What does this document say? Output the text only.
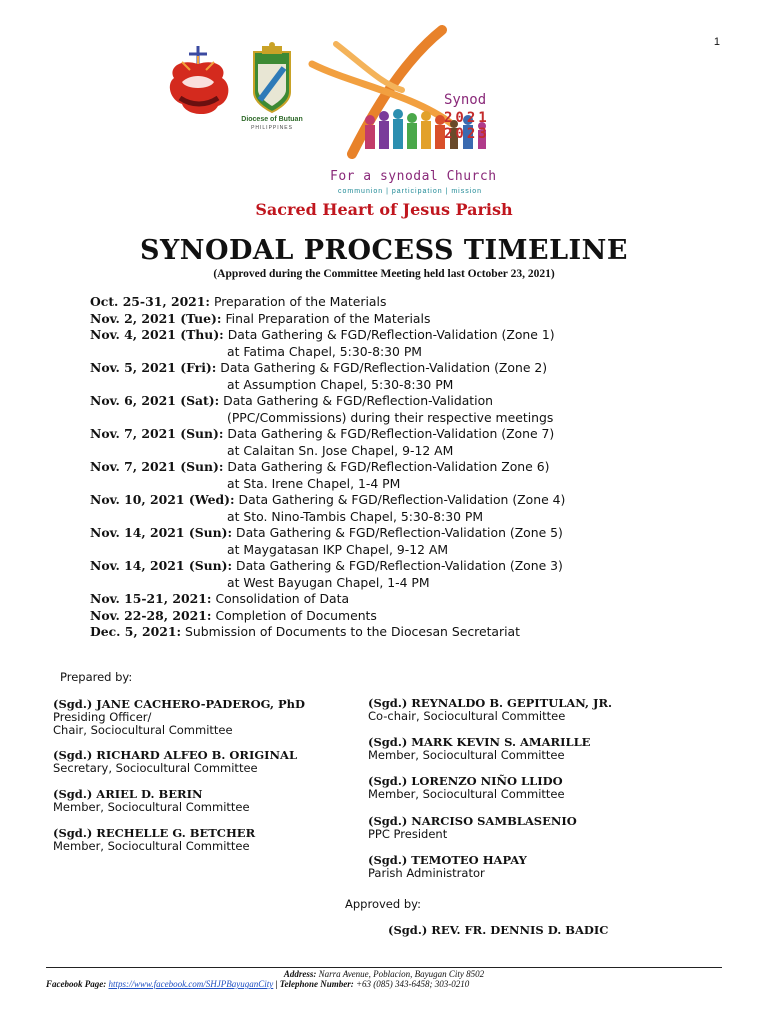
1
Diocese of Butuan
PHILIPPINES
Synod
2021
2023
For a synodal Church
communion | participation | mission
Sacred Heart of Jesus Parish
SYNODAL PROCESS TIMELINE
(Approved during the Committee Meeting held last October 23, 2021)
Oct. 25-31, 2021: Preparation of the Materials
Nov. 2, 2021 (Tue): Final Preparation of the Materials
Nov. 4, 2021 (Thu): Data Gathering & FGD/Reflection-Validation (Zone 1)
at Fatima Chapel, 5:30-8:30 PM
Nov. 5, 2021 (Fri): Data Gathering & FGD/Reflection-Validation (Zone 2)
at Assumption Chapel, 5:30-8:30 PM
Nov. 6, 2021 (Sat): Data Gathering & FGD/Reflection-Validation
(PPC/Commissions) during their respective meetings
Nov. 7, 2021 (Sun): Data Gathering & FGD/Reflection-Validation (Zone 7)
at Calaitan Sn. Jose Chapel, 9-12 AM
Nov. 7, 2021 (Sun): Data Gathering & FGD/Reflection-Validation Zone 6)
at Sta. Irene Chapel, 1-4 PM
Nov. 10, 2021 (Wed): Data Gathering & FGD/Reflection-Validation (Zone 4)
at Sto. Nino-Tambis Chapel, 5:30-8:30 PM
Nov. 14, 2021 (Sun): Data Gathering & FGD/Reflection-Validation (Zone 5)
at Maygatasan IKP Chapel, 9-12 AM
Nov. 14, 2021 (Sun): Data Gathering & FGD/Reflection-Validation (Zone 3)
at West Bayugan Chapel, 1-4 PM
Nov. 15-21, 2021: Consolidation of Data
Nov. 22-28, 2021: Completion of Documents
Dec. 5, 2021: Submission of Documents to the Diocesan Secretariat
Prepared by:
(Sgd.) JANE CACHERO-PADEROG, PhD
Presiding Officer/
Chair, Sociocultural Committee
(Sgd.) RICHARD ALFEO B. ORIGINAL
Secretary, Sociocultural Committee
(Sgd.) ARIEL D. BERIN
Member, Sociocultural Committee
(Sgd.) RECHELLE G. BETCHER
Member, Sociocultural Committee
(Sgd.) REYNALDO B. GEPITULAN, JR.
Co-chair, Sociocultural Committee
(Sgd.) MARK KEVIN S. AMARILLE
Member, Sociocultural Committee
(Sgd.) LORENZO NIÑO LLIDO
Member, Sociocultural Committee
(Sgd.) NARCISO SAMBLASENIO
PPC President
(Sgd.) TEMOTEO HAPAY
Parish Administrator
Approved by:
(Sgd.) REV. FR. DENNIS D. BADIC
Address: Narra Avenue, Poblacion, Bayugan City 8502
Facebook Page: https://www.facebook.com/SHJPBayuganCity | Telephone Number: +63 (085) 343-6458; 303-0210
